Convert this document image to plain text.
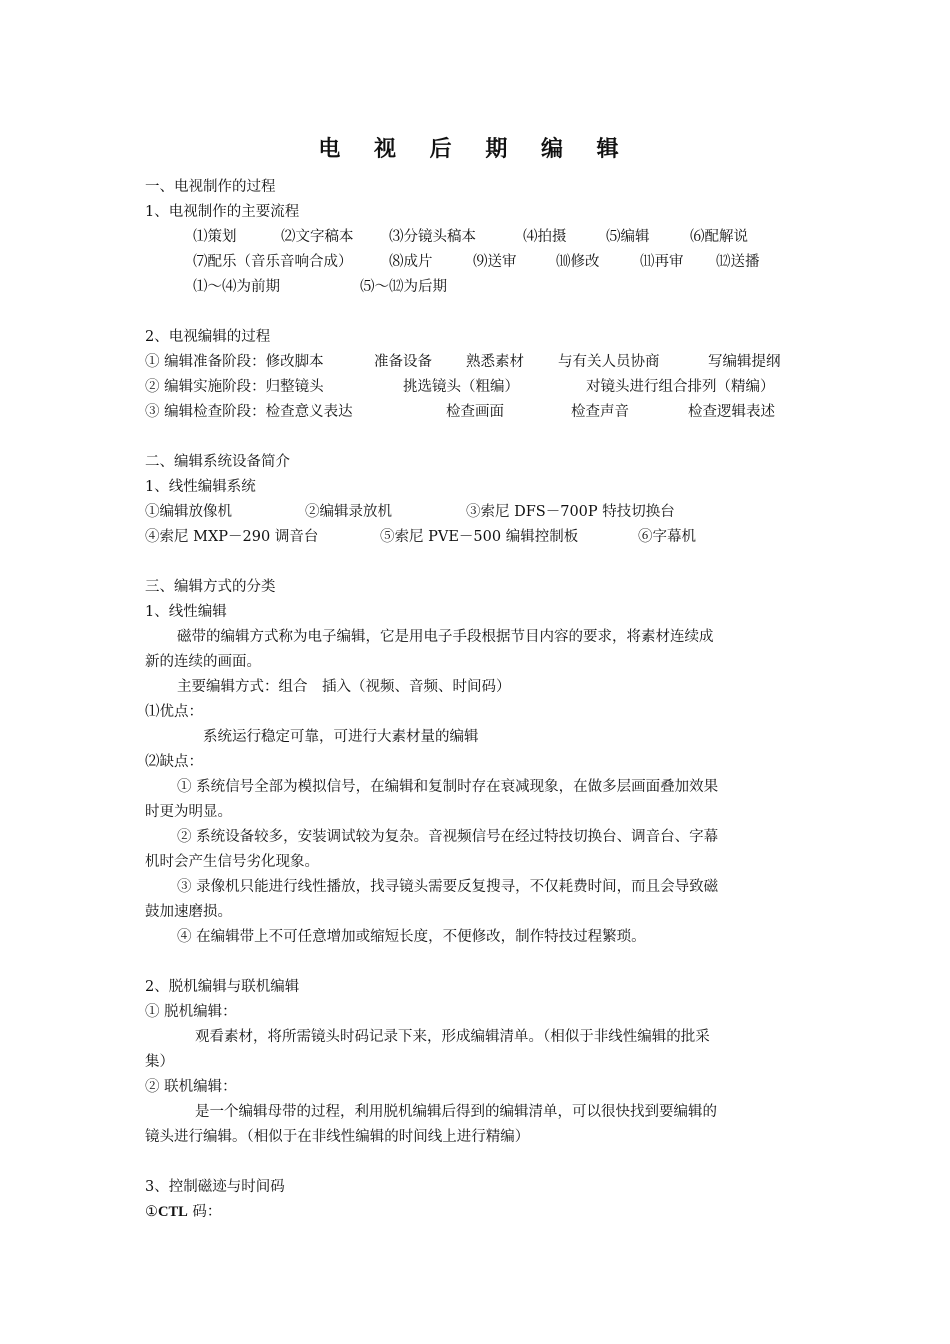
电 视 后 期 编 辑
一、电视制作的过程
1、电视制作的主要流程
⑴策划	⑵文字稿本 ⑶分镜头稿本	⑷拍摄	⑸编辑	⑹配解说
⑺配乐（音乐音响合成）	⑻成片	⑼送审	⑽修改	⑾再审 ⑿送播
⑴～⑷为前期	⑸～⑿为后期
2、电视编辑的过程
① 编辑准备阶段：修改脚本	准备设备 熟悉素材 与有关人员协商	写编辑提纲
② 编辑实施阶段：归整镜头	挑选镜头（粗编）	对镜头进行组合排列（精编）
③ 编辑检查阶段：检查意义表达	检查画面	检查声音	检查逻辑表述
二、编辑系统设备简介
1、线性编辑系统
①编辑放像机	②编辑录放机	③索尼 DFS－700P 特技切换台
④索尼 MXP－290 调音台	⑤索尼 PVE－500 编辑控制板	⑥字幕机
三、编辑方式的分类
1、线性编辑
磁带的编辑方式称为电子编辑，它是用电子手段根据节目内容的要求，将素材连续成
新的连续的画面。
主要编辑方式：组合　插入（视频、音频、时间码）
⑴优点：
系统运行稳定可靠，可进行大素材量的编辑
⑵缺点：
① 系统信号全部为模拟信号，在编辑和复制时存在衰减现象，在做多层画面叠加效果
时更为明显。
② 系统设备较多，安装调试较为复杂。音视频信号在经过特技切换台、调音台、字幕
机时会产生信号劣化现象。
③ 录像机只能进行线性播放，找寻镜头需要反复搜寻，不仅耗费时间，而且会导致磁
鼓加速磨损。
④ 在编辑带上不可任意增加或缩短长度，不便修改，制作特技过程繁琐。
2、脱机编辑与联机编辑
① 脱机编辑：
观看素材，将所需镜头时码记录下来，形成编辑清单。（相似于非线性编辑的批采
集）
② 联机编辑：
是一个编辑母带的过程，利用脱机编辑后得到的编辑清单，可以很快找到要编辑的
镜头进行编辑。（相似于在非线性编辑的时间线上进行精编）
3、控制磁迹与时间码
①CTL 码：
